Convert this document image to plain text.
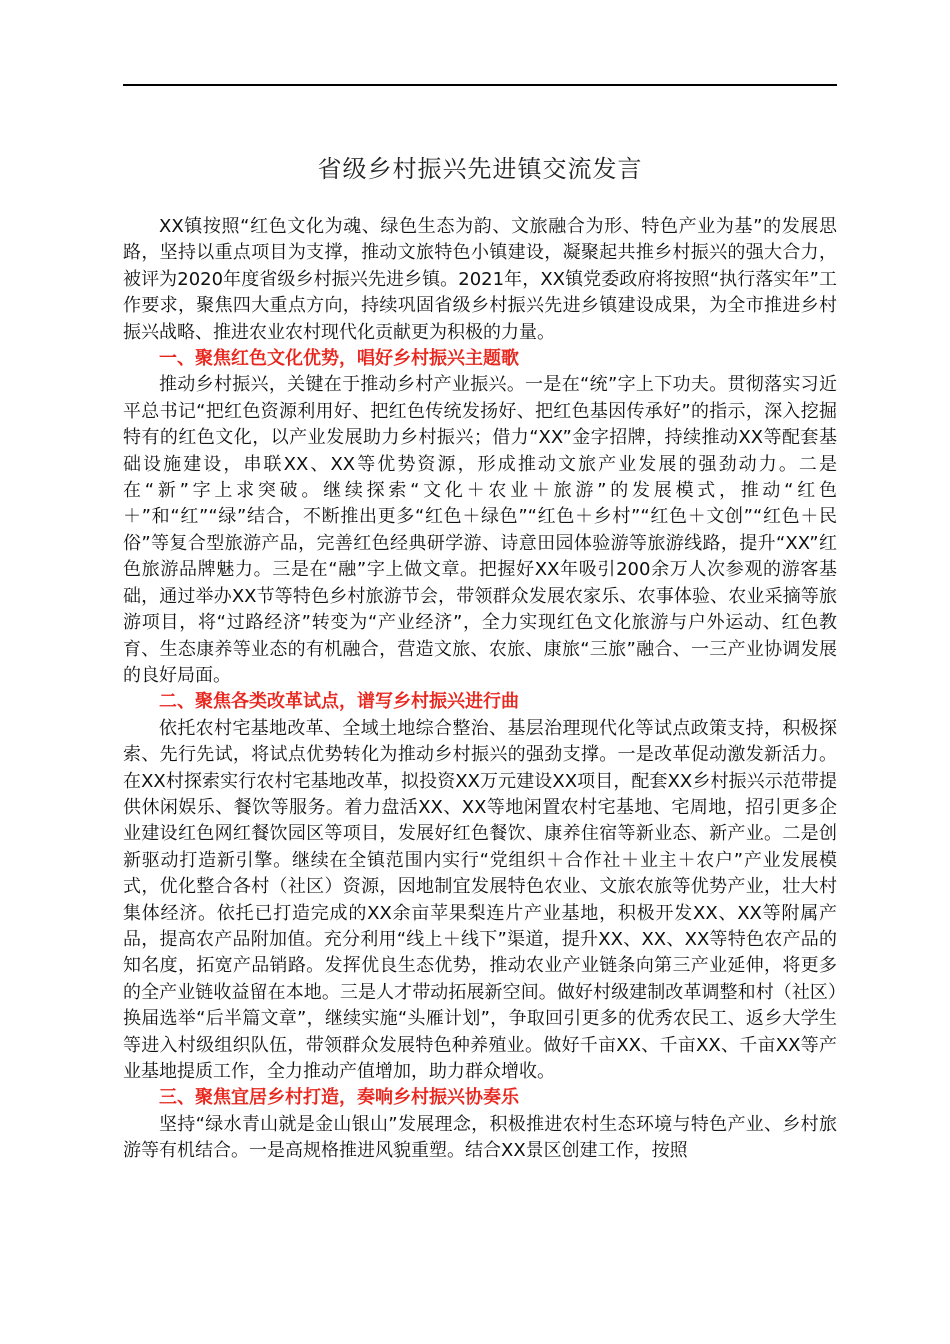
省级乡村振兴先进镇交流发言

XX镇按照“红色文化为魂、绿色生态为韵、文旅融合为形、特色产业为基”的发展思路，坚持以重点项目为支撑，推动文旅特色小镇建设，凝聚起共推乡村振兴的强大合力，被评为2020年度省级乡村振兴先进乡镇。2021年，XX镇党委政府将按照“执行落实年”工作要求，聚焦四大重点方向，持续巩固省级乡村振兴先进乡镇建设成果，为全市推进乡村振兴战略、推进农业农村现代化贡献更为积极的力量。

一、聚焦红色文化优势，唱好乡村振兴主题歌

推动乡村振兴，关键在于推动乡村产业振兴。一是在“统”字上下功夫。贯彻落实习近平总书记“把红色资源利用好、把红色传统发扬好、把红色基因传承好”的指示，深入挖掘特有的红色文化，以产业发展助力乡村振兴；借力“XX”金字招牌，持续推动XX等配套基础设施建设，串联XX、XX等优势资源，形成推动文旅产业发展的强劲动力。二是在“新”字上求突破。继续探索“文化＋农业＋旅游”的发展模式，推动“红色＋”和“红”“绿”结合，不断推出更多“红色＋绿色”“红色＋乡村”“红色＋文创”“红色＋民俗”等复合型旅游产品，完善红色经典研学游、诗意田园体验游等旅游线路，提升“XX”红色旅游品牌魅力。三是在“融”字上做文章。把握好XX年吸引200余万人次参观的游客基础，通过举办XX节等特色乡村旅游节会，带领群众发展农家乐、农事体验、农业采摘等旅游项目，将“过路经济”转变为“产业经济”，全力实现红色文化旅游与户外运动、红色教育、生态康养等业态的有机融合，营造文旅、农旅、康旅“三旅”融合、一三产业协调发展的良好局面。

二、聚焦各类改革试点，谱写乡村振兴进行曲

依托农村宅基地改革、全域土地综合整治、基层治理现代化等试点政策支持，积极探索、先行先试，将试点优势转化为推动乡村振兴的强劲支撑。一是改革促动激发新活力。在XX村探索实行农村宅基地改革，拟投资XX万元建设XX项目，配套XX乡村振兴示范带提供休闲娱乐、餐饮等服务。着力盘活XX、XX等地闲置农村宅基地、宅周地，招引更多企业建设红色网红餐饮园区等项目，发展好红色餐饮、康养住宿等新业态、新产业。二是创新驱动打造新引擎。继续在全镇范围内实行“党组织＋合作社＋业主＋农户”产业发展模式，优化整合各村（社区）资源，因地制宜发展特色农业、文旅农旅等优势产业，壮大村集体经济。依托已打造完成的XX余亩苹果梨连片产业基地，积极开发XX、XX等附属产品，提高农产品附加值。充分利用“线上＋线下”渠道，提升XX、XX、XX等特色农产品的知名度，拓宽产品销路。发挥优良生态优势，推动农业产业链条向第三产业延伸，将更多的全产业链收益留在本地。三是人才带动拓展新空间。做好村级建制改革调整和村（社区）换届选举“后半篇文章”，继续实施“头雁计划”，争取回引更多的优秀农民工、返乡大学生等进入村级组织队伍，带领群众发展特色种养殖业。做好千亩XX、千亩XX、千亩XX等产业基地提质工作，全力推动产值增加，助力群众增收。

三、聚焦宜居乡村打造，奏响乡村振兴协奏乐

坚持“绿水青山就是金山银山”发展理念，积极推进农村生态环境与特色产业、乡村旅游等有机结合。一是高规格推进风貌重塑。结合XX景区创建工作，按照
